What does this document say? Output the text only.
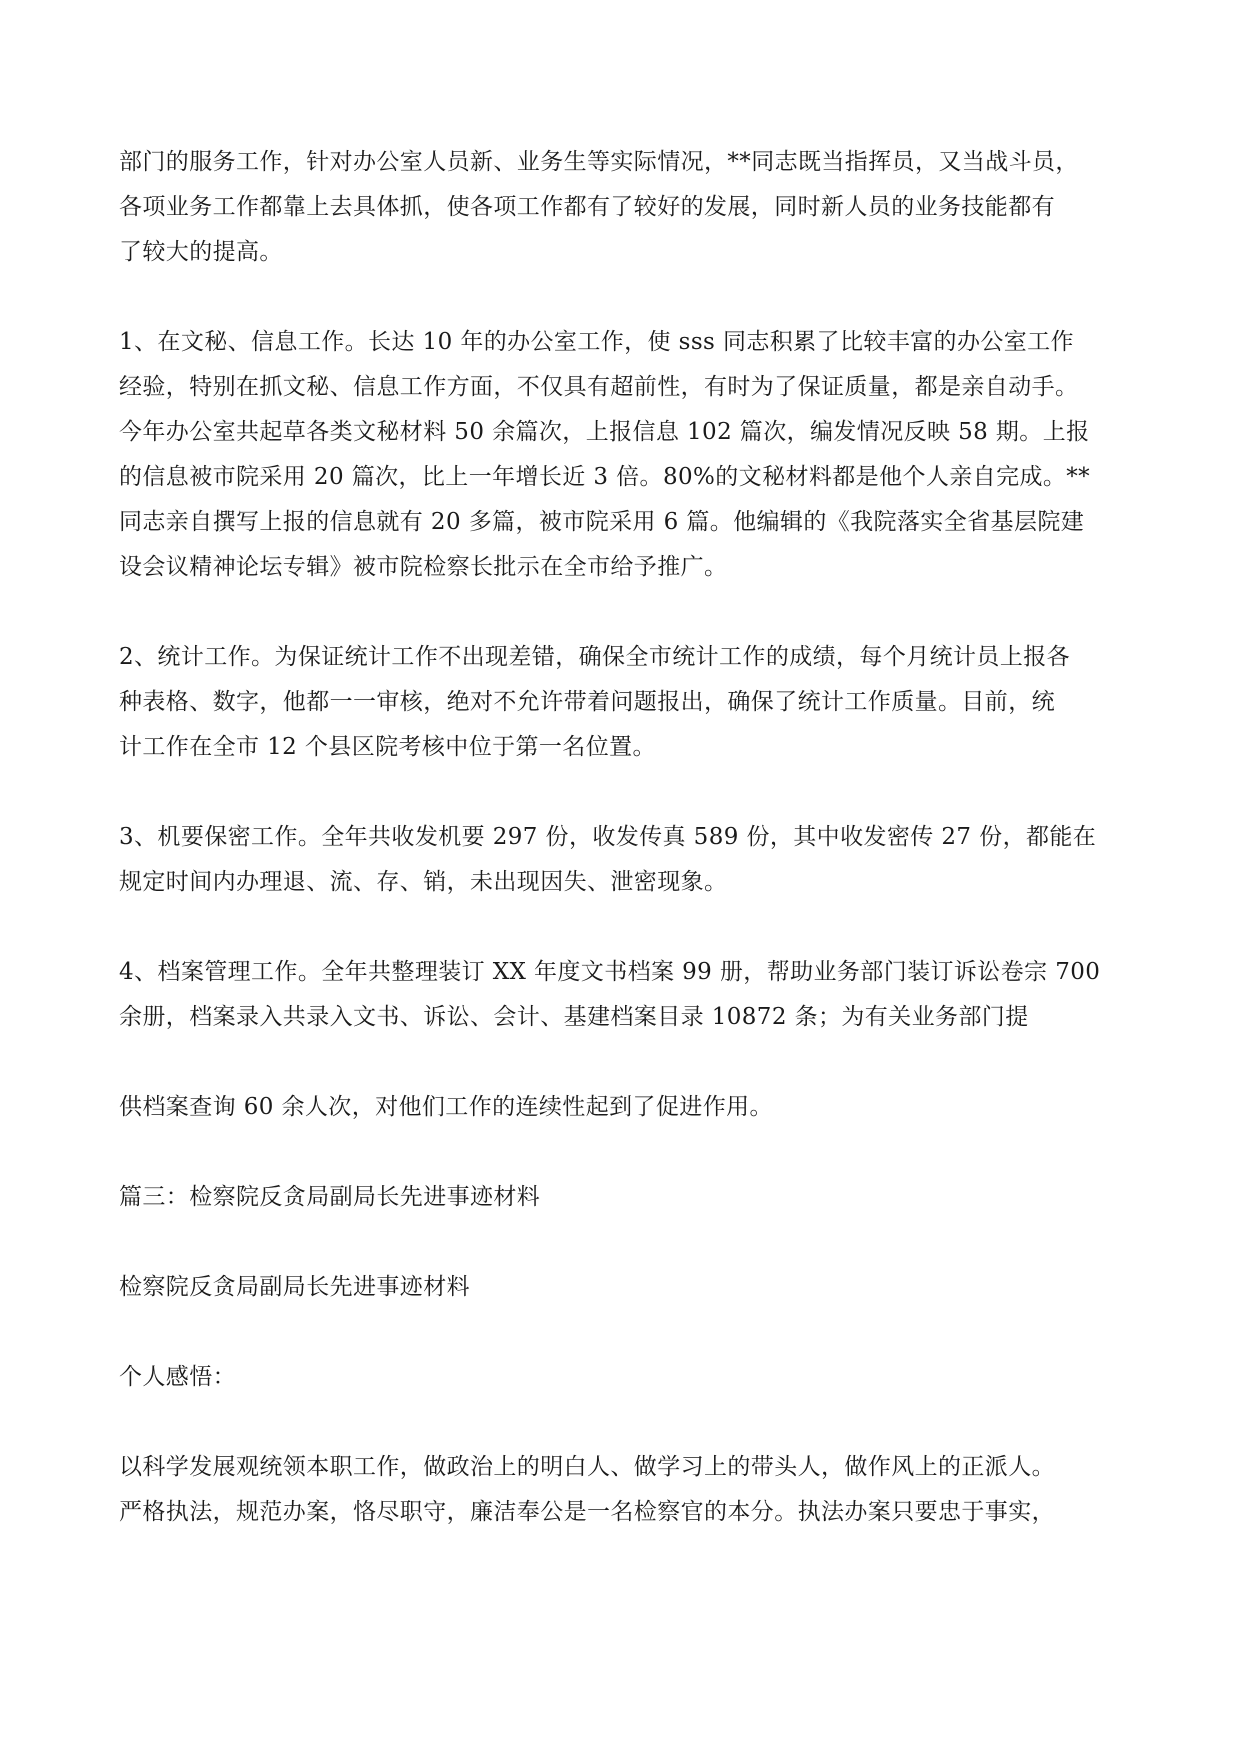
部门的服务工作，针对办公室人员新、业务生等实际情况，**同志既当指挥员，又当战斗员，
各项业务工作都靠上去具体抓，使各项工作都有了较好的发展，同时新人员的业务技能都有
了较大的提高。

1、在文秘、信息工作。长达 10 年的办公室工作，使 sss 同志积累了比较丰富的办公室工作
经验，特别在抓文秘、信息工作方面，不仅具有超前性，有时为了保证质量，都是亲自动手。
今年办公室共起草各类文秘材料 50 余篇次，上报信息 102 篇次，编发情况反映 58 期。上报
的信息被市院采用 20 篇次，比上一年增长近 3 倍。80%的文秘材料都是他个人亲自完成。**
同志亲自撰写上报的信息就有 20 多篇，被市院采用 6 篇。他编辑的《我院落实全省基层院建
设会议精神论坛专辑》被市院检察长批示在全市给予推广。

2、统计工作。为保证统计工作不出现差错，确保全市统计工作的成绩，每个月统计员上报各
种表格、数字，他都一一审核，绝对不允许带着问题报出，确保了统计工作质量。目前，统
计工作在全市 12 个县区院考核中位于第一名位置。

3、机要保密工作。全年共收发机要 297 份，收发传真 589 份，其中收发密传 27 份，都能在
规定时间内办理退、流、存、销，未出现因失、泄密现象。

4、档案管理工作。全年共整理装订 XX 年度文书档案 99 册，帮助业务部门装订诉讼卷宗 700
余册，档案录入共录入文书、诉讼、会计、基建档案目录 10872 条；为有关业务部门提

供档案查询 60 余人次，对他们工作的连续性起到了促进作用。

篇三：检察院反贪局副局长先进事迹材料

检察院反贪局副局长先进事迹材料

个人感悟：

以科学发展观统领本职工作，做政治上的明白人、做学习上的带头人，做作风上的正派人。
严格执法，规范办案，恪尽职守，廉洁奉公是一名检察官的本分。执法办案只要忠于事实，
